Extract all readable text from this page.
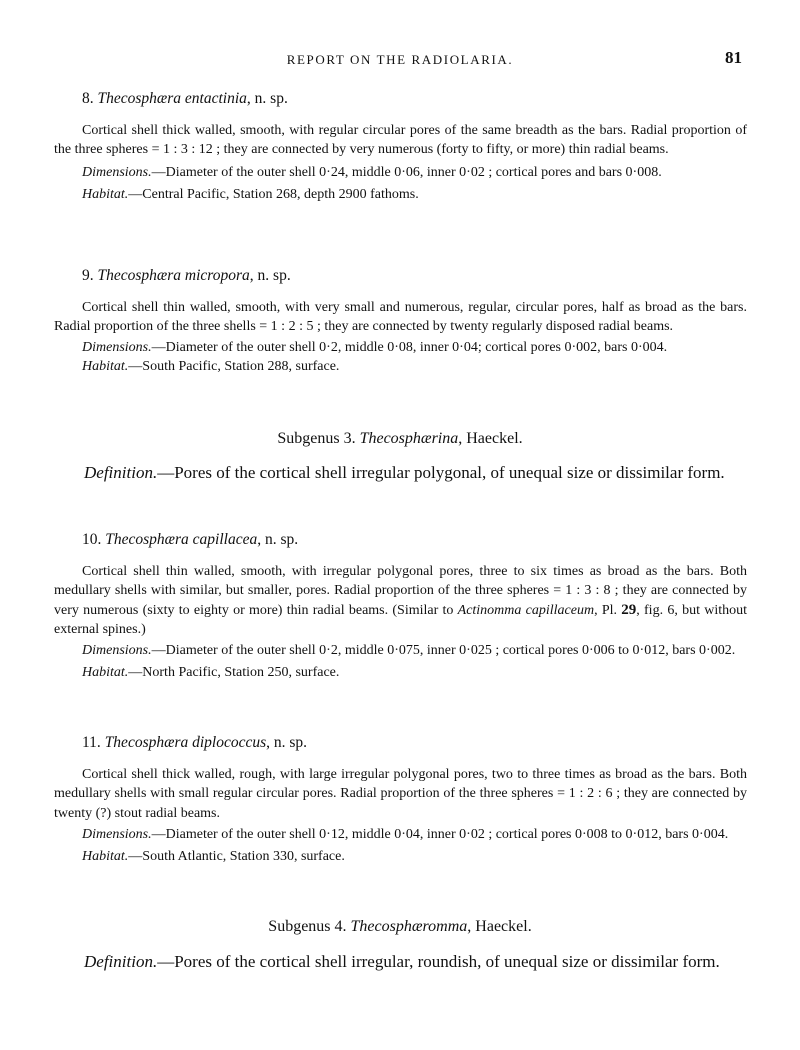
REPORT ON THE RADIOLARIA.	81

8. Thecosphæra entactinia, n. sp.

Cortical shell thick walled, smooth, with regular circular pores of the same breadth as the bars. Radial proportion of the three spheres = 1 : 3 : 12 ; they are connected by very numerous (forty to fifty, or more) thin radial beams.

Dimensions.—Diameter of the outer shell 0·24, middle 0·06, inner 0·02 ; cortical pores and bars 0·008.

Habitat.—Central Pacific, Station 268, depth 2900 fathoms.

9. Thecosphæra micropora, n. sp.

Cortical shell thin walled, smooth, with very small and numerous, regular, circular pores, half as broad as the bars. Radial proportion of the three shells = 1 : 2 : 5 ; they are connected by twenty regularly disposed radial beams.

Dimensions.—Diameter of the outer shell 0·2, middle 0·08, inner 0·04; cortical pores 0·002, bars 0·004.

Habitat.—South Pacific, Station 288, surface.

Subgenus 3. Thecosphærina, Haeckel.

Definition.—Pores of the cortical shell irregular polygonal, of unequal size or dissimilar form.

10. Thecosphæra capillacea, n. sp.

Cortical shell thin walled, smooth, with irregular polygonal pores, three to six times as broad as the bars. Both medullary shells with similar, but smaller, pores. Radial proportion of the three spheres = 1 : 3 : 8 ; they are connected by very numerous (sixty to eighty or more) thin radial beams. (Similar to Actinomma capillaceum, Pl. 29, fig. 6, but without external spines.)

Dimensions.—Diameter of the outer shell 0·2, middle 0·075, inner 0·025 ; cortical pores 0·006 to 0·012, bars 0·002.

Habitat.—North Pacific, Station 250, surface.

11. Thecosphæra diplococcus, n. sp.

Cortical shell thick walled, rough, with large irregular polygonal pores, two to three times as broad as the bars. Both medullary shells with small regular circular pores. Radial proportion of the three spheres = 1 : 2 : 6 ; they are connected by twenty (?) stout radial beams.

Dimensions.—Diameter of the outer shell 0·12, middle 0·04, inner 0·02 ; cortical pores 0·008 to 0·012, bars 0·004.

Habitat.—South Atlantic, Station 330, surface.

Subgenus 4. Thecosphæromma, Haeckel.

Definition.—Pores of the cortical shell irregular, roundish, of unequal size or dissimilar form.
